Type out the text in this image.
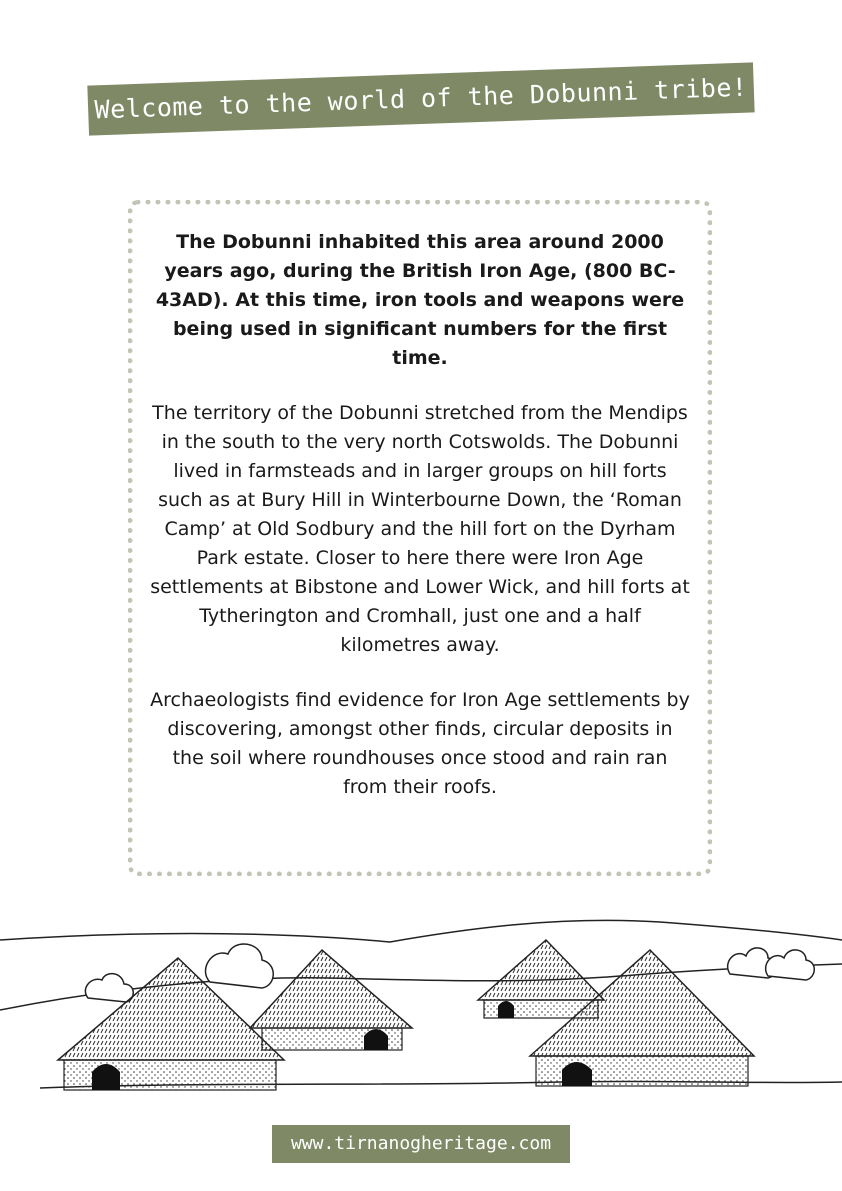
Welcome to the world of the Dobunni tribe!

The Dobunni inhabited this area around 2000 years ago, during the British Iron Age, (800 BC- 43AD). At this time, iron tools and weapons were being used in significant numbers for the first time.

The territory of the Dobunni stretched from the Mendips in the south to the very north Cotswolds. The Dobunni lived in farmsteads and in larger groups on hill forts such as at Bury Hill in Winterbourne Down, the ‘Roman Camp’ at Old Sodbury and the hill fort on the Dyrham Park estate. Closer to here there were Iron Age settlements at Bibstone and Lower Wick, and hill forts at Tytherington and Cromhall, just one and a half kilometres away.

Archaeologists find evidence for Iron Age settlements by discovering, amongst other finds, circular deposits in the soil where roundhouses once stood and rain ran from their roofs.

www.tirnanogheritage.com
